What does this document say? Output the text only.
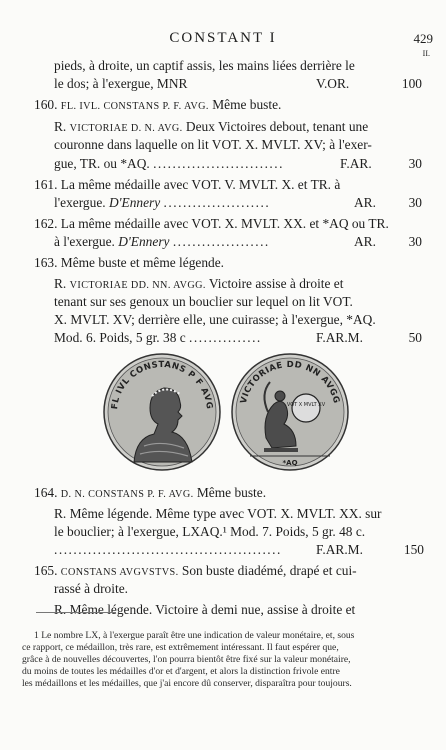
CONSTANT I	429
II.
pieds, à droite, un captif assis, les mains liées derrière le
le dos; à l'exergue, MNR	V.OR.	100
160. FL. IVL. CONSTANS P. F. AVG. Même buste.
R. VICTORIAE D. N. AVG. Deux Victoires debout, tenant une
couronne dans laquelle on lit VOT. X. MVLT. XV; à l'exer-
gue, TR. ou *AQ. ...........................	F.AR.	30
161. La même médaille avec VOT. V. MVLT. X. et TR. à
l'exergue. D'Ennery ......................	AR.	30
162. La même médaille avec VOT. X. MVLT. XX. et *AQ ou TR.
à l'exergue. D'Ennery ....................	AR.	30
163. Même buste et même légende.
R. VICTORIAE DD. NN. AVGG. Victoire assise à droite et
tenant sur ses genoux un bouclier sur lequel on lit VOT.
X. MVLT. XV; derrière elle, une cuirasse; à l'exergue, *AQ.
Mod. 6. Poids, 5 gr. 38 c ...............	F.AR.M.	50
FL IVL CONSTANS P F AVG
VICTORIAE DD NN AVGG
VOT X MVLT XV
*AQ
164. D. N. CONSTANS P. F. AVG. Même buste.
R. Même légende. Même type avec VOT. X. MVLT. XX. sur
le bouclier; à l'exergue, LXAQ.¹ Mod. 7. Poids, 5 gr. 48 c.
...............................................	F.AR.M.	150
165. CONSTANS AVGVSTVS. Son buste diadémé, drapé et cui-
rassé à droite.
R. Même légende. Victoire à demi nue, assise à droite et
1 Le nombre LX, à l'exergue paraît être une indication de valeur monétaire, et, sous
ce rapport, ce médaillon, très rare, est extrêmement intéressant. Il faut espérer que,
grâce à de nouvelles découvertes, l'on pourra bientôt être fixé sur la valeur monétaire,
du moins de toutes les médailles d'or et d'argent, et alors la distinction frivole entre
les médaillons et les médailles, que j'ai encore dû conserver, disparaîtra pour toujours.
